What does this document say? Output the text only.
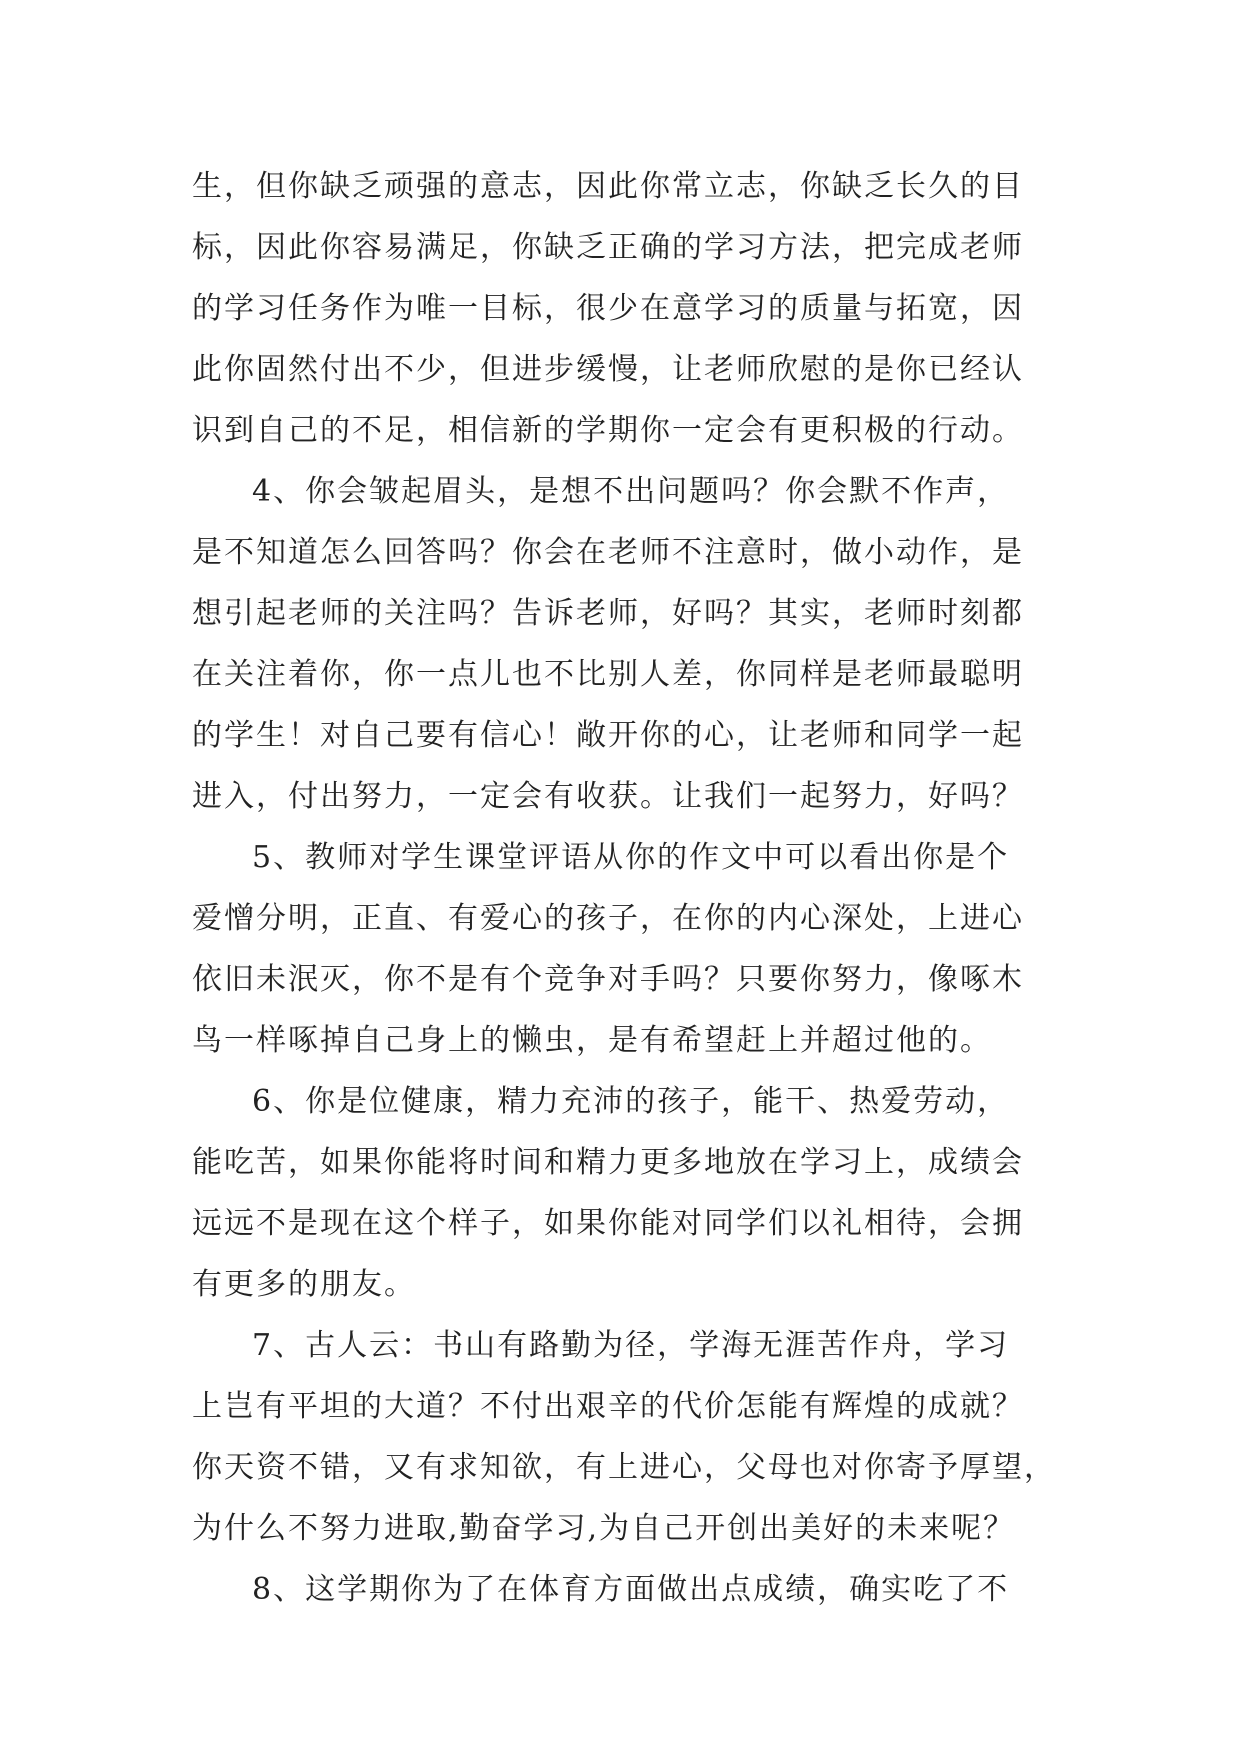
生，但你缺乏顽强的意志，因此你常立志，你缺乏长久的目
标，因此你容易满足，你缺乏正确的学习方法，把完成老师
的学习任务作为唯一目标，很少在意学习的质量与拓宽，因
此你固然付出不少，但进步缓慢，让老师欣慰的是你已经认
识到自己的不足，相信新的学期你一定会有更积极的行动。
4、你会皱起眉头，是想不出问题吗？你会默不作声，
是不知道怎么回答吗？你会在老师不注意时，做小动作，是
想引起老师的关注吗？告诉老师，好吗？其实，老师时刻都
在关注着你，你一点儿也不比别人差，你同样是老师最聪明
的学生！对自己要有信心！敞开你的心，让老师和同学一起
进入，付出努力，一定会有收获。让我们一起努力，好吗？
5、教师对学生课堂评语从你的作文中可以看出你是个
爱憎分明，正直、有爱心的孩子，在你的内心深处，上进心
依旧未泯灭，你不是有个竞争对手吗？只要你努力，像啄木
鸟一样啄掉自己身上的懒虫，是有希望赶上并超过他的。
6、你是位健康，精力充沛的孩子，能干、热爱劳动，
能吃苦，如果你能将时间和精力更多地放在学习上，成绩会
远远不是现在这个样子，如果你能对同学们以礼相待，会拥
有更多的朋友。
7、古人云：书山有路勤为径，学海无涯苦作舟，学习
上岂有平坦的大道？不付出艰辛的代价怎能有辉煌的成就？
你天资不错，又有求知欲，有上进心，父母也对你寄予厚望，
为什么不努力进取,勤奋学习,为自己开创出美好的未来呢？
8、这学期你为了在体育方面做出点成绩，确实吃了不
